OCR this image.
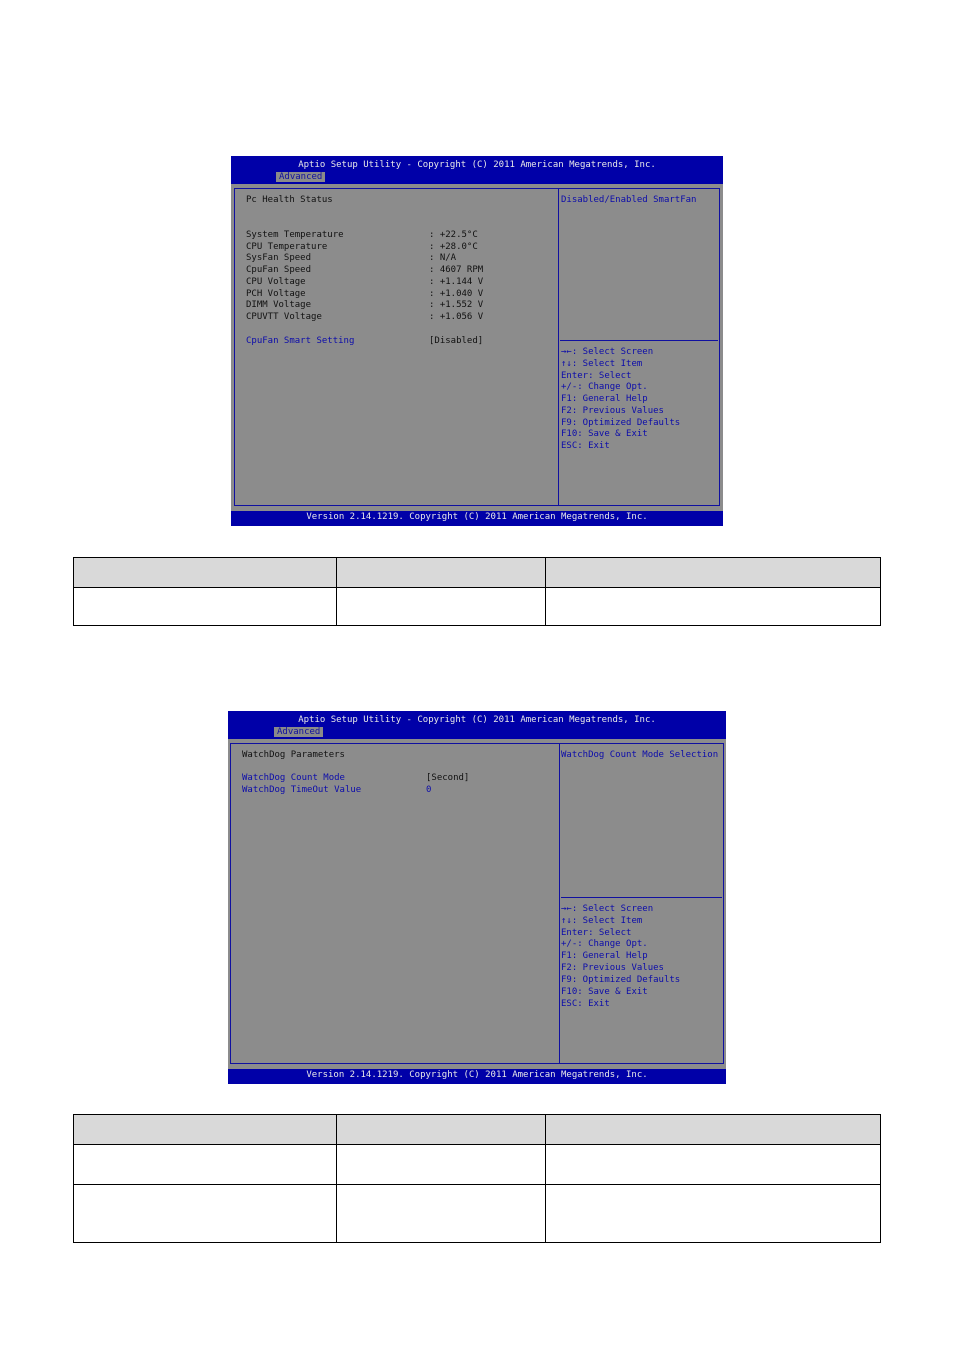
Aptio Setup Utility - Copyright (C) 2011 American Megatrends, Inc.
Advanced
Pc Health Status
System Temperature	: +22.5°C
CPU Temperature	: +28.0°C
SysFan Speed	: N/A
CpuFan Speed	: 4607 RPM
CPU Voltage	: +1.144 V
PCH Voltage	: +1.040 V
DIMM Voltage	: +1.552 V
CPUVTT Voltage	: +1.056 V
CpuFan Smart Setting	[Disabled]
Disabled/Enabled SmartFan
→←: Select Screen
↑↓: Select Item
Enter: Select
+/-: Change Opt.
F1: General Help
F2: Previous Values
F9: Optimized Defaults
F10: Save & Exit
ESC: Exit
Version 2.14.1219. Copyright (C) 2011 American Megatrends, Inc.

Aptio Setup Utility - Copyright (C) 2011 American Megatrends, Inc.
Advanced
WatchDog Parameters
WatchDog Count Mode	[Second]
WatchDog TimeOut Value	0
WatchDog Count Mode Selection
→←: Select Screen
↑↓: Select Item
Enter: Select
+/-: Change Opt.
F1: General Help
F2: Previous Values
F9: Optimized Defaults
F10: Save & Exit
ESC: Exit
Version 2.14.1219. Copyright (C) 2011 American Megatrends, Inc.
